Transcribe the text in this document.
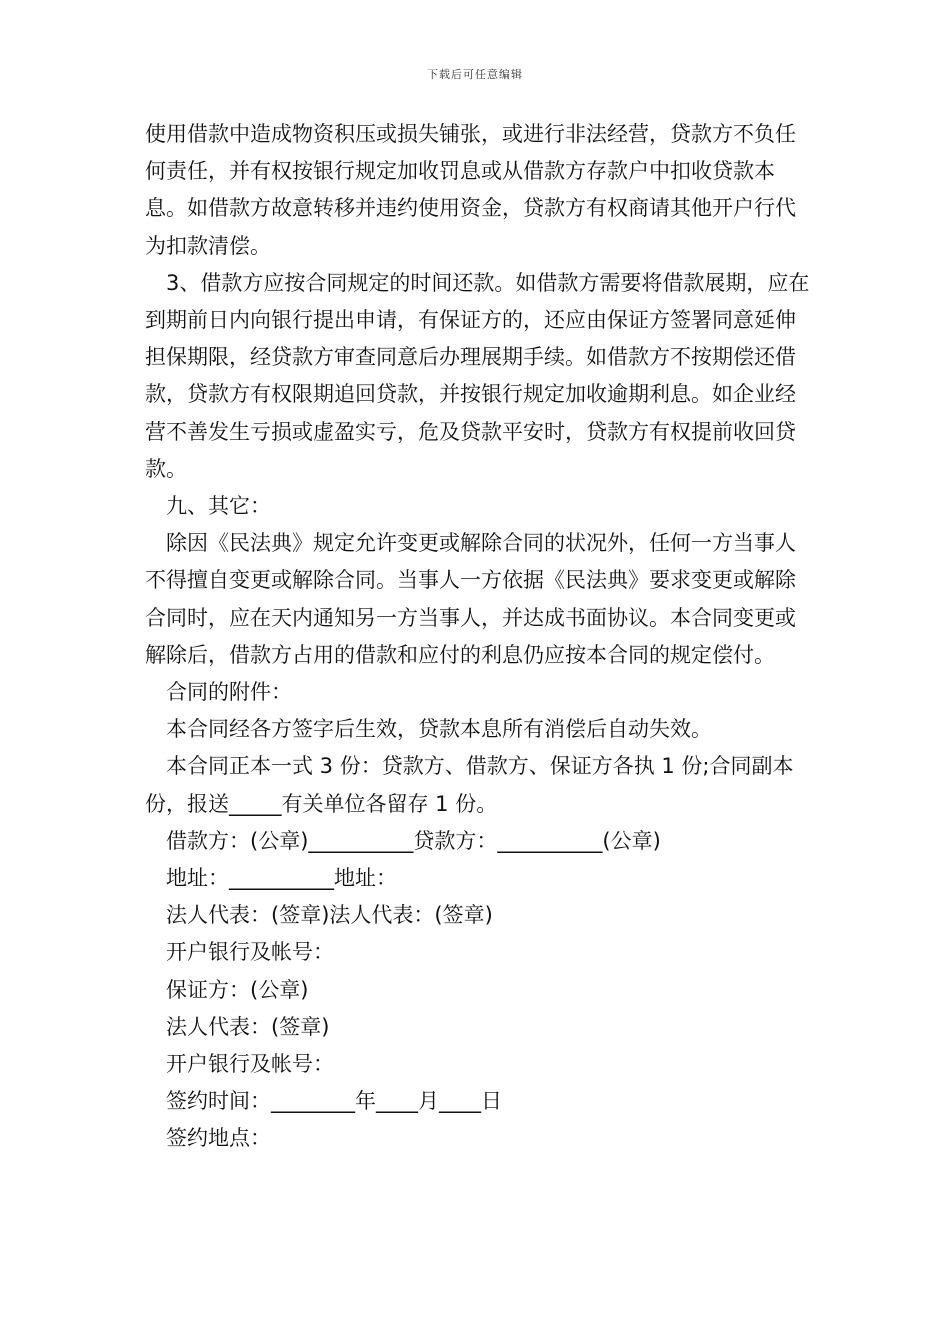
下载后可任意编辑

使用借款中造成物资积压或损失铺张，或进行非法经营，贷款方不负任何责任，并有权按银行规定加收罚息或从借款方存款户中扣收贷款本息。如借款方故意转移并违约使用资金，贷款方有权商请其他开户行代为扣款清偿。

3、借款方应按合同规定的时间还款。如借款方需要将借款展期，应在到期前日内向银行提出申请，有保证方的，还应由保证方签署同意延伸担保期限，经贷款方审查同意后办理展期手续。如借款方不按期偿还借款，贷款方有权限期追回贷款，并按银行规定加收逾期利息。如企业经营不善发生亏损或虚盈实亏，危及贷款平安时，贷款方有权提前收回贷款。

九、其它：

除因《民法典》规定允许变更或解除合同的状况外，任何一方当事人不得擅自变更或解除合同。当事人一方依据《民法典》要求变更或解除合同时，应在天内通知另一方当事人，并达成书面协议。本合同变更或解除后，借款方占用的借款和应付的利息仍应按本合同的规定偿付。

合同的附件：

本合同经各方签字后生效，贷款本息所有消偿后自动失效。

本合同正本一式 3 份：贷款方、借款方、保证方各执 1 份;合同副本份，报送_____有关单位各留存 1 份。

借款方：(公章)__________贷款方：__________(公章)

地址：__________地址：

法人代表：(签章)法人代表：(签章)

开户银行及帐号：

保证方：(公章)

法人代表：(签章)

开户银行及帐号：

签约时间：________年____月____日

签约地点：
